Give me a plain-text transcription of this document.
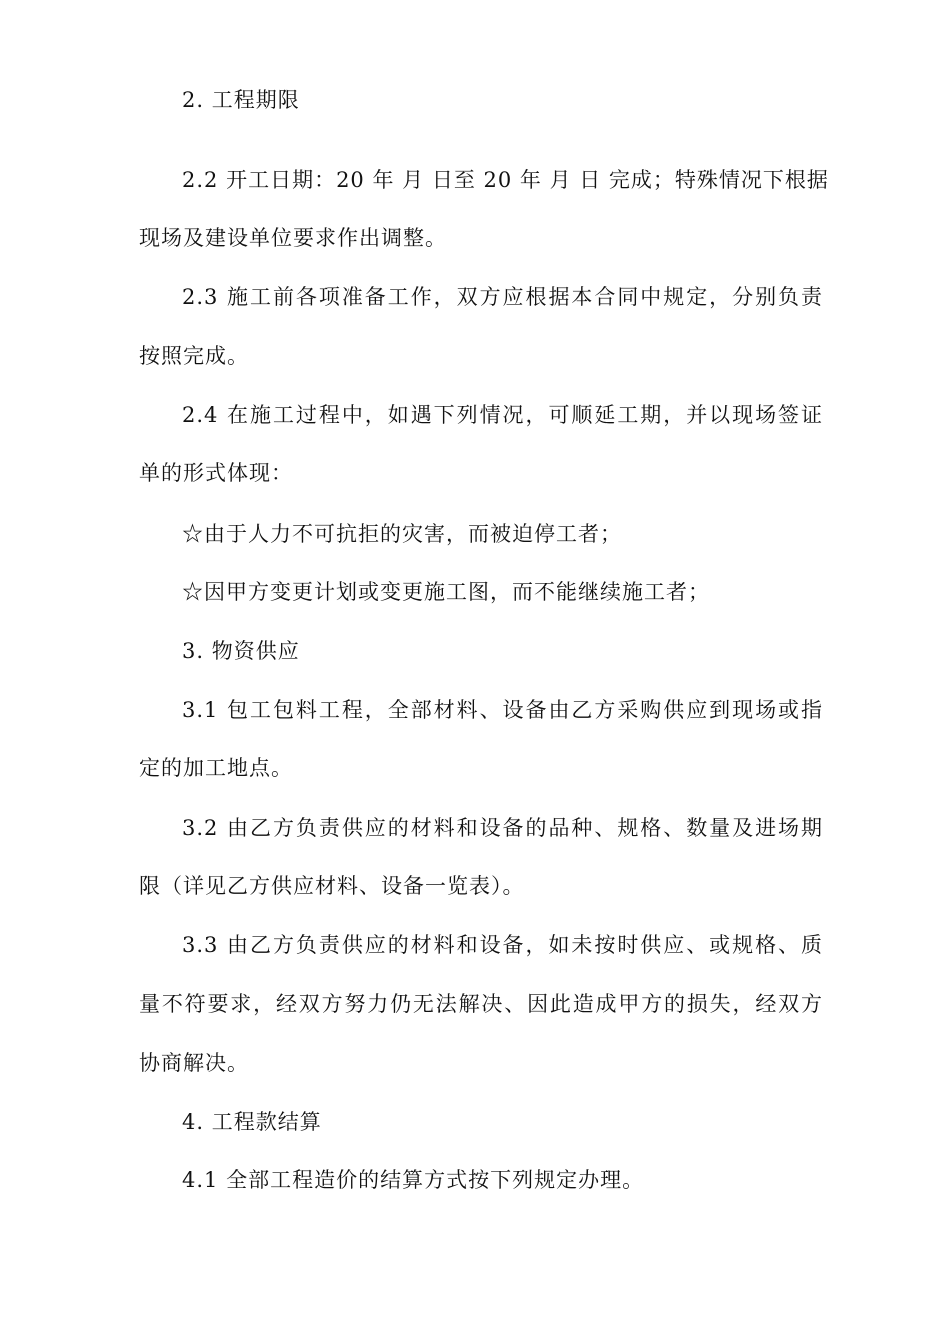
2. 工程期限
2.2 开工日期：20 年 月 日至 20 年 月 日 完成；特殊情况下根据
现场及建设单位要求作出调整。
2.3 施工前各项准备工作，双方应根据本合同中规定，分别负责
按照完成。
2.4 在施工过程中，如遇下列情况，可顺延工期，并以现场签证
单的形式体现：
☆由于人力不可抗拒的灾害，而被迫停工者；
☆因甲方变更计划或变更施工图，而不能继续施工者；
3. 物资供应
3.1 包工包料工程，全部材料、设备由乙方采购供应到现场或指
定的加工地点。
3.2 由乙方负责供应的材料和设备的品种、规格、数量及进场期
限（详见乙方供应材料、设备一览表）。
3.3 由乙方负责供应的材料和设备，如未按时供应、或规格、质
量不符要求，经双方努力仍无法解决、因此造成甲方的损失，经双方
协商解决。
4. 工程款结算
4.1 全部工程造价的结算方式按下列规定办理。
